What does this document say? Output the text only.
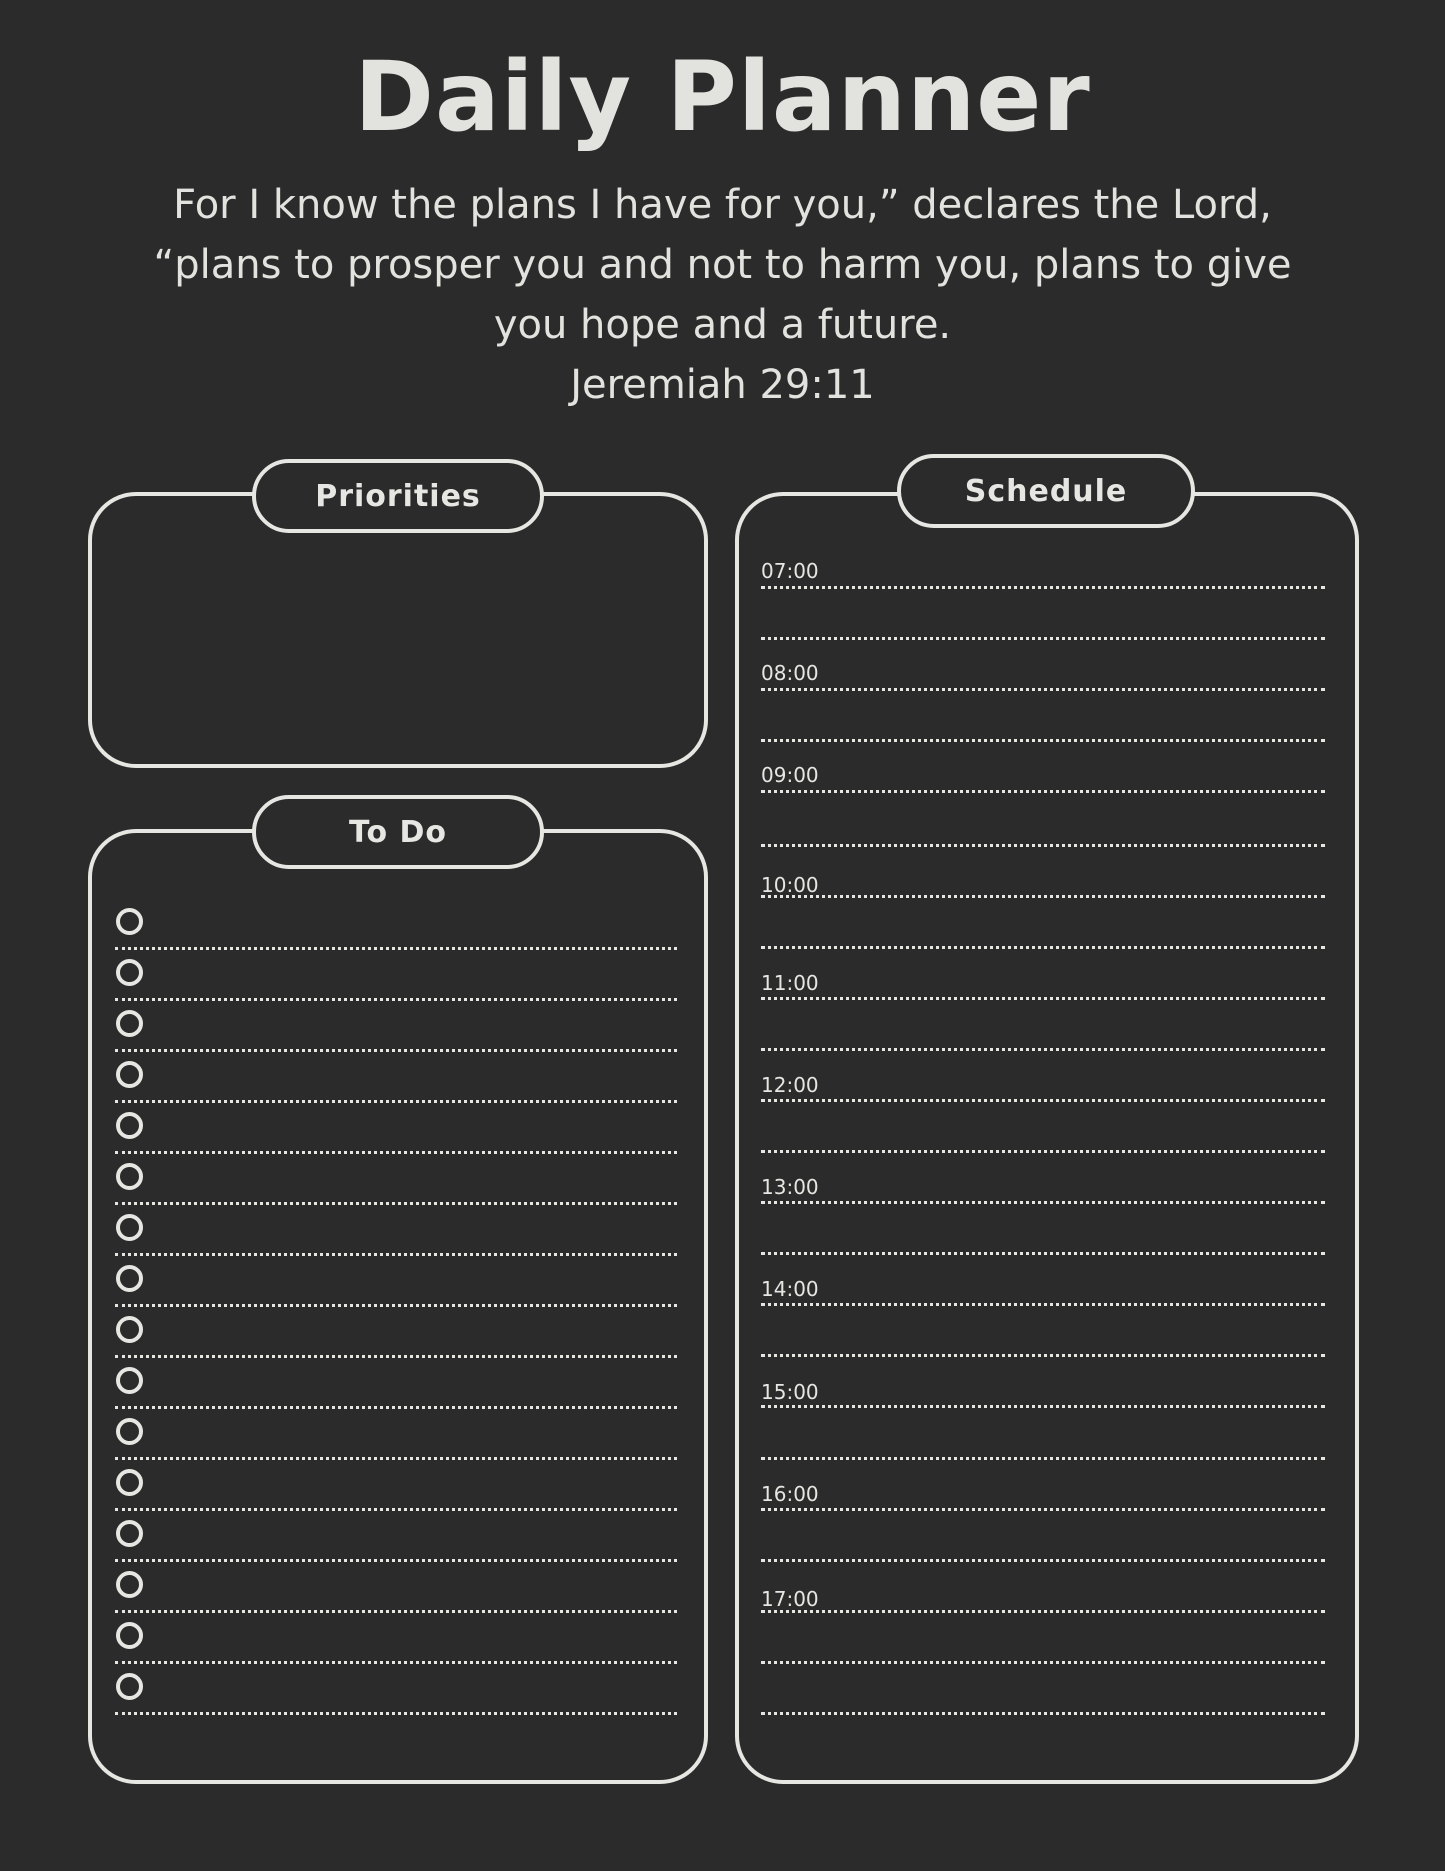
Daily Planner
For I know the plans I have for you,” declares the Lord,
“plans to prosper you and not to harm you, plans to give
you hope and a future.
Jeremiah 29:11
Priorities
To Do
Schedule
07:00
08:00
09:00
10:00
11:00
12:00
13:00
14:00
15:00
16:00
17:00
